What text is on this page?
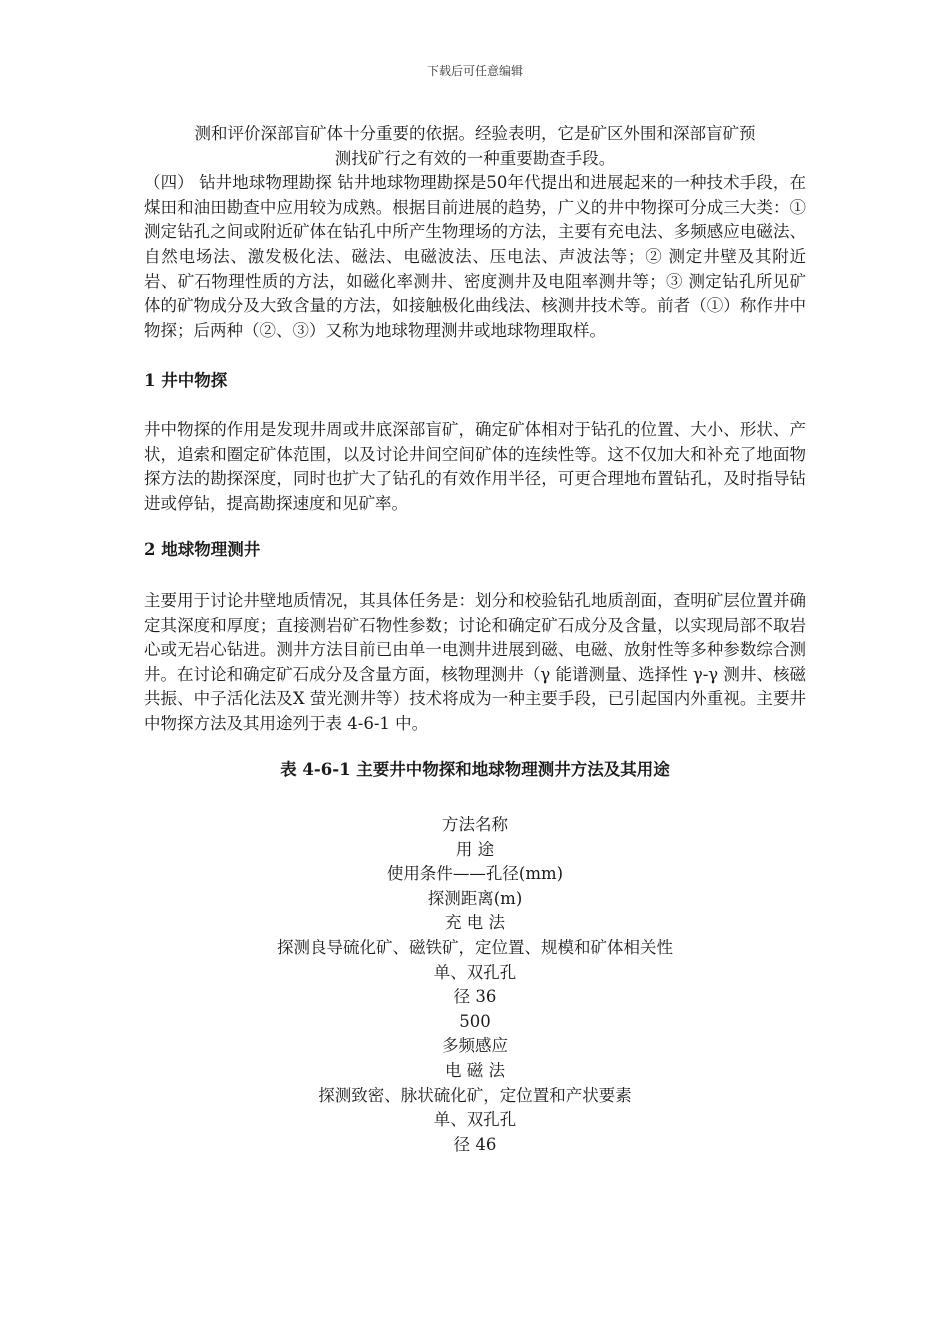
下载后可任意编辑

测和评价深部盲矿体十分重要的依据。经验表明，它是矿区外围和深部盲矿预

测找矿行之有效的一种重要勘查手段。

（四） 钻井地球物理勘探 钻井地球物理勘探是50年代提出和进展起来的一种技术手段，在煤田和油田勘查中应用较为成熟。根据目前进展的趋势，广义的井中物探可分成三大类：① 测定钻孔之间或附近矿体在钻孔中所产生物理场的方法，主要有充电法、多频感应电磁法、自然电场法、激发极化法、磁法、电磁波法、压电法、声波法等；② 测定井壁及其附近岩、矿石物理性质的方法，如磁化率测井、密度测井及电阻率测井等；③ 测定钻孔所见矿体的矿物成分及大致含量的方法，如接触极化曲线法、核测井技术等。前者（①）称作井中物探；后两种（②、③）又称为地球物理测井或地球物理取样。

1 井中物探

井中物探的作用是发现井周或井底深部盲矿，确定矿体相对于钻孔的位置、大小、形状、产状，追索和圈定矿体范围，以及讨论井间空间矿体的连续性等。这不仅加大和补充了地面物探方法的勘探深度，同时也扩大了钻孔的有效作用半径，可更合理地布置钻孔，及时指导钻进或停钻，提高勘探速度和见矿率。

2 地球物理测井

主要用于讨论井壁地质情况，其具体任务是：划分和校验钻孔地质剖面，查明矿层位置并确定其深度和厚度；直接测岩矿石物性参数；讨论和确定矿石成分及含量，以实现局部不取岩心或无岩心钻进。测井方法目前已由单一电测井进展到磁、电磁、放射性等多种参数综合测井。在讨论和确定矿石成分及含量方面，核物理测井（γ 能谱测量、选择性 γ-γ 测井、核磁共振、中子活化法及X 萤光测井等）技术将成为一种主要手段，已引起国内外重视。主要井中物探方法及其用途列于表 4-6-1 中。

表 4-6-1 主要井中物探和地球物理测井方法及其用途

方法名称

用 途

使用条件——孔径(mm)

探测距离(m)

充 电 法

探测良导硫化矿、磁铁矿，定位置、规模和矿体相关性

单、双孔孔

径 36

500

多频感应

电 磁 法

探测致密、脉状硫化矿，定位置和产状要素

单、双孔孔

径 46
